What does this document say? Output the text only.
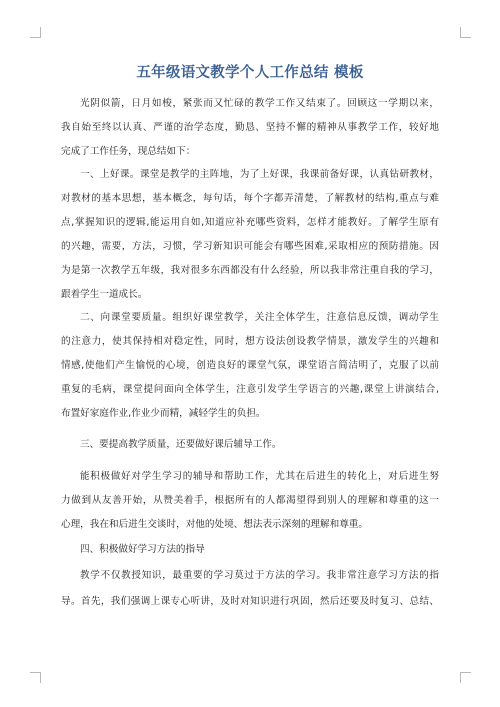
五年级语文教学个人工作总结 模板
光阴似箭，日月如梭，紧张而又忙碌的教学工作又结束了。回顾这一学期以来，
我自始至终以认真、严谨的治学态度，勤恳、坚持不懈的精神从事教学工作，较好地
完成了工作任务，现总结如下：
一、上好课。课堂是教学的主阵地，为了上好课，我课前备好课，认真钻研教材，
对教材的基本思想，基本概念，每句话，每个字都弄清楚，了解教材的结构,重点与难
点,掌握知识的逻辑,能运用自如,知道应补充哪些资料，怎样才能教好。了解学生原有
的兴趣，需要，方法，习惯，学习新知识可能会有哪些困难,采取相应的预防措施。因
为是第一次教学五年级，我对很多东西都没有什么经验，所以我非常注重自我的学习，
跟着学生一道成长。
二、向课堂要质量。组织好课堂教学，关注全体学生，注意信息反馈，调动学生
的注意力，使其保持相对稳定性，同时，想方设法创设教学情景，激发学生的兴趣和
情感,使他们产生愉悦的心境，创造良好的课堂气氛，课堂语言简洁明了，克服了以前
重复的毛病，课堂提问面向全体学生，注意引发学生学语言的兴趣,课堂上讲演结合,
布置好家庭作业,作业少而精，减轻学生的负担。
三、要提高教学质量，还要做好课后辅导工作。
能积极做好对学生学习的辅导和帮助工作，尤其在后进生的转化上，对后进生努
力做到从友善开始，从赞美着手，根据所有的人都渴望得到别人的理解和尊重的这一
心理，我在和后进生交谈时，对他的处境、想法表示深刻的理解和尊重。
四、积极做好学习方法的指导
教学不仅教授知识，最重要的学习莫过于方法的学习。我非常注意学习方法的指
导。首先，我们强调上课专心听讲，及时对知识进行巩固，然后还要及时复习、总结、
